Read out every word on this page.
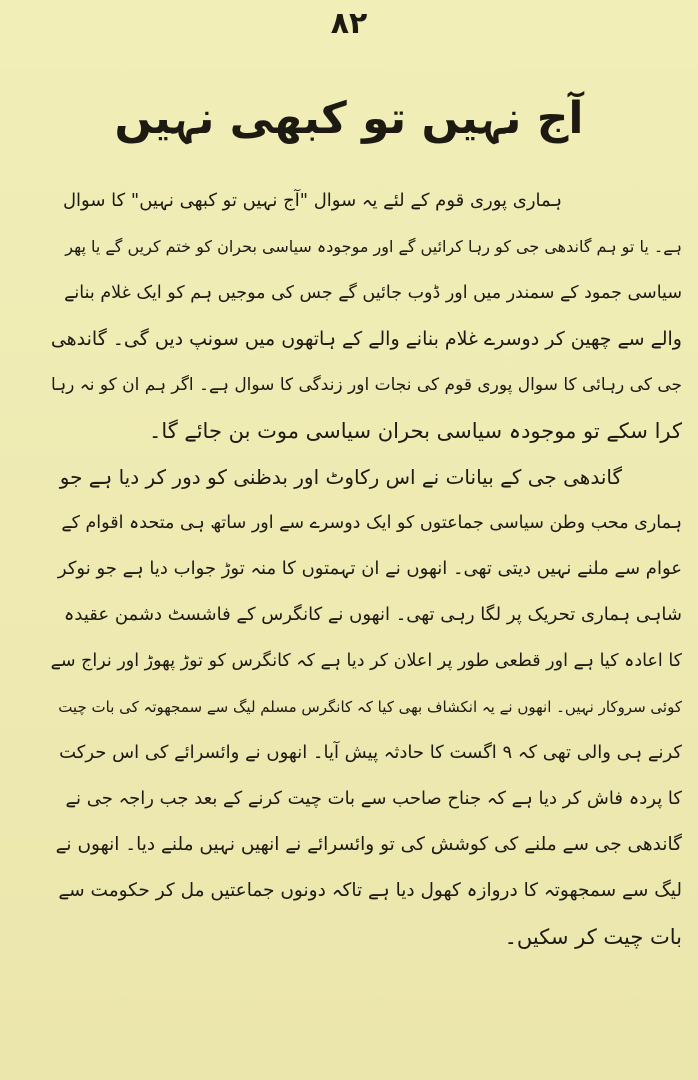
۸۲
آج نہیں تو کبھی نہیں
ہماری پوری قوم کے لئے یہ سوال "آج نہیں تو کبھی نہیں" کا سوال
ہے۔ یا تو ہم گاندھی جی کو رہا کرائیں گے اور موجودہ سیاسی بحران کو ختم کریں گے یا پھر
سیاسی جمود کے سمندر میں اور ڈوب جائیں گے جس کی موجیں ہم کو ایک غلام بنانے
والے سے چھین کر دوسرے غلام بنانے والے کے ہاتھوں میں سونپ دیں گی۔ گاندھی
جی کی رہائی کا سوال پوری قوم کی نجات اور زندگی کا سوال ہے۔ اگر ہم ان کو نہ رہا
کرا سکے تو موجودہ سیاسی بحران سیاسی موت بن جائے گا۔
گاندھی جی کے بیانات نے اس رکاوٹ اور بدظنی کو دور کر دیا ہے جو
ہماری محب وطن سیاسی جماعتوں کو ایک دوسرے سے اور ساتھ ہی متحدہ اقوام کے
عوام سے ملنے نہیں دیتی تھی۔ انھوں نے ان تہمتوں کا منہ توڑ جواب دیا ہے جو نوکر
شاہی ہماری تحریک پر لگا رہی تھی۔ انھوں نے کانگرس کے فاشسٹ دشمن عقیدہ
کا اعادہ کیا ہے اور قطعی طور پر اعلان کر دیا ہے کہ کانگرس کو توڑ پھوڑ اور نراج سے
کوئی سروکار نہیں۔ انھوں نے یہ انکشاف بھی کیا کہ کانگرس مسلم لیگ سے سمجھوتہ کی بات چیت
کرنے ہی والی تھی کہ ۹ اگست کا حادثہ پیش آیا۔ انھوں نے وائسرائے کی اس حرکت
کا پردہ فاش کر دیا ہے کہ جناح صاحب سے بات چیت کرنے کے بعد جب راجہ جی نے
گاندھی جی سے ملنے کی کوشش کی تو وائسرائے نے انھیں نہیں ملنے دیا۔ انھوں نے
لیگ سے سمجھوتہ کا دروازہ کھول دیا ہے تاکہ دونوں جماعتیں مل کر حکومت سے
بات چیت کر سکیں۔
